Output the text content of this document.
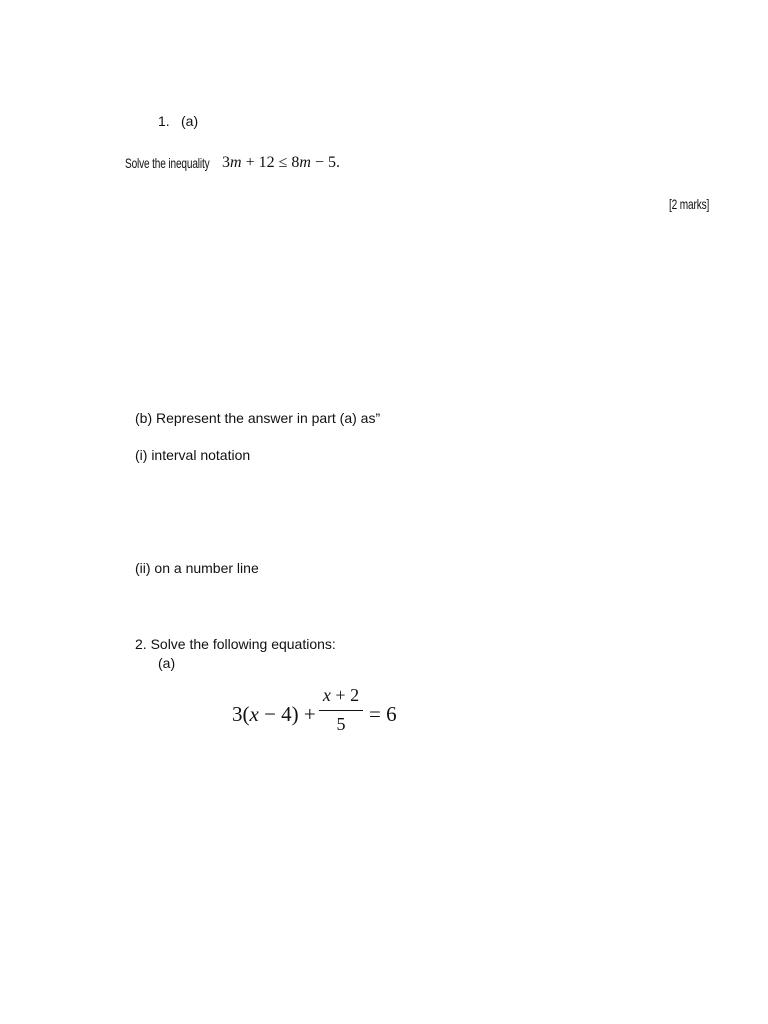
1. (a)
Solve the inequality 3m + 12 ≤ 8m − 5.
[2 marks]
(b) Represent the answer in part (a) as”
(i) interval notation
(ii) on a number line
2. Solve the following equations:
(a)
3(x − 4) +
x + 2
5	= 6
